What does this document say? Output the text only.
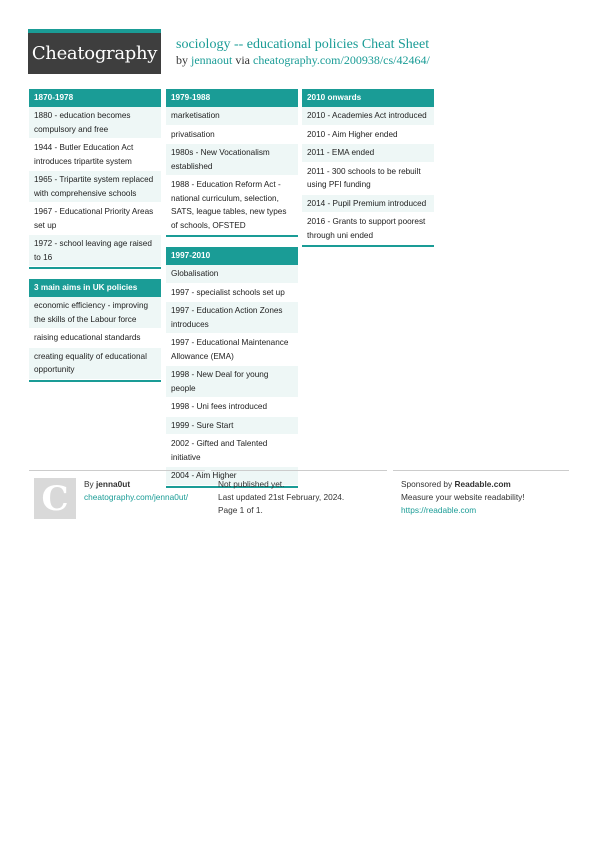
Cheatography sociology -- educational policies Cheat Sheet
by jennaout via cheatography.com/200938/cs/42464/
1870-1978
1880 - education becomes compulsory and free
1944 - Butler Education Act introduces tripartite system
1965 - Tripartite system replaced with comprehensive schools
1967 - Educational Priority Areas set up
1972 - school leaving age raised to 16
3 main aims in UK policies
economic efficiency - improving the skills of the Labour force
raising educational standards
creating equality of educational opportunity
1979-1988
marketisation
privatisation
1980s - New Vocationalism established
1988 - Education Reform Act - national curriculum, selection, SATS, league tables, new types of schools, OFSTED
1997-2010
Globalisation
1997 - specialist schools set up
1997 - Education Action Zones introduces
1997 - Educational Maintenance Allowance (EMA)
1998 - New Deal for young people
1998 - Uni fees introduced
1999 - Sure Start
2002 - Gifted and Talented initiative
2004 - Aim Higher
2010 onwards
2010 - Academies Act introduced
2010 - Aim Higher ended
2011 - EMA ended
2011 - 300 schools to be rebuilt using PFI funding
2014 - Pupil Premium introduced
2016 - Grants to support poorest through uni ended
C By jenna0ut
cheatography.com/jenna0ut/
Not published yet.
Last updated 21st February, 2024.
Page 1 of 1.
Sponsored by Readable.com
Measure your website readability!
https://readable.com
